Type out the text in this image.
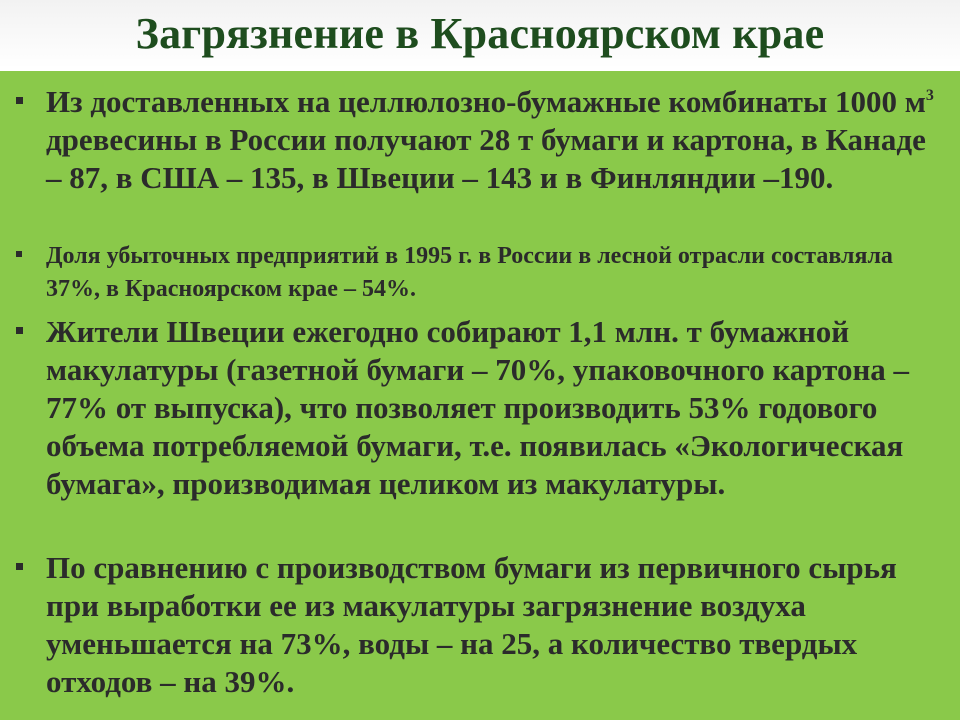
Загрязнение в Красноярском крае
Из доставленных на целлюлозно-бумажные комбинаты 1000 $м^3$ древесины в России получают 28 т бумаги и картона, в Канаде – 87, в США – 135, в Швеции – 143 и в Финляндии –190.
Доля убыточных предприятий в 1995 г. в России в лесной отрасли составляла 37%, в Красноярском крае – 54%.
Жители Швеции ежегодно собирают 1,1 млн. т бумажной макулатуры (газетной бумаги – 70%, упаковочного картона – 77% от выпуска), что позволяет производить 53% годового объема потребляемой бумаги, т.е. появилась «Экологическая бумага», производимая целиком из макулатуры.
По сравнению с производством бумаги из первичного сырья при выработки ее из макулатуры загрязнение воздуха уменьшается на 73%, воды – на 25, а количество твердых отходов – на 39%.
